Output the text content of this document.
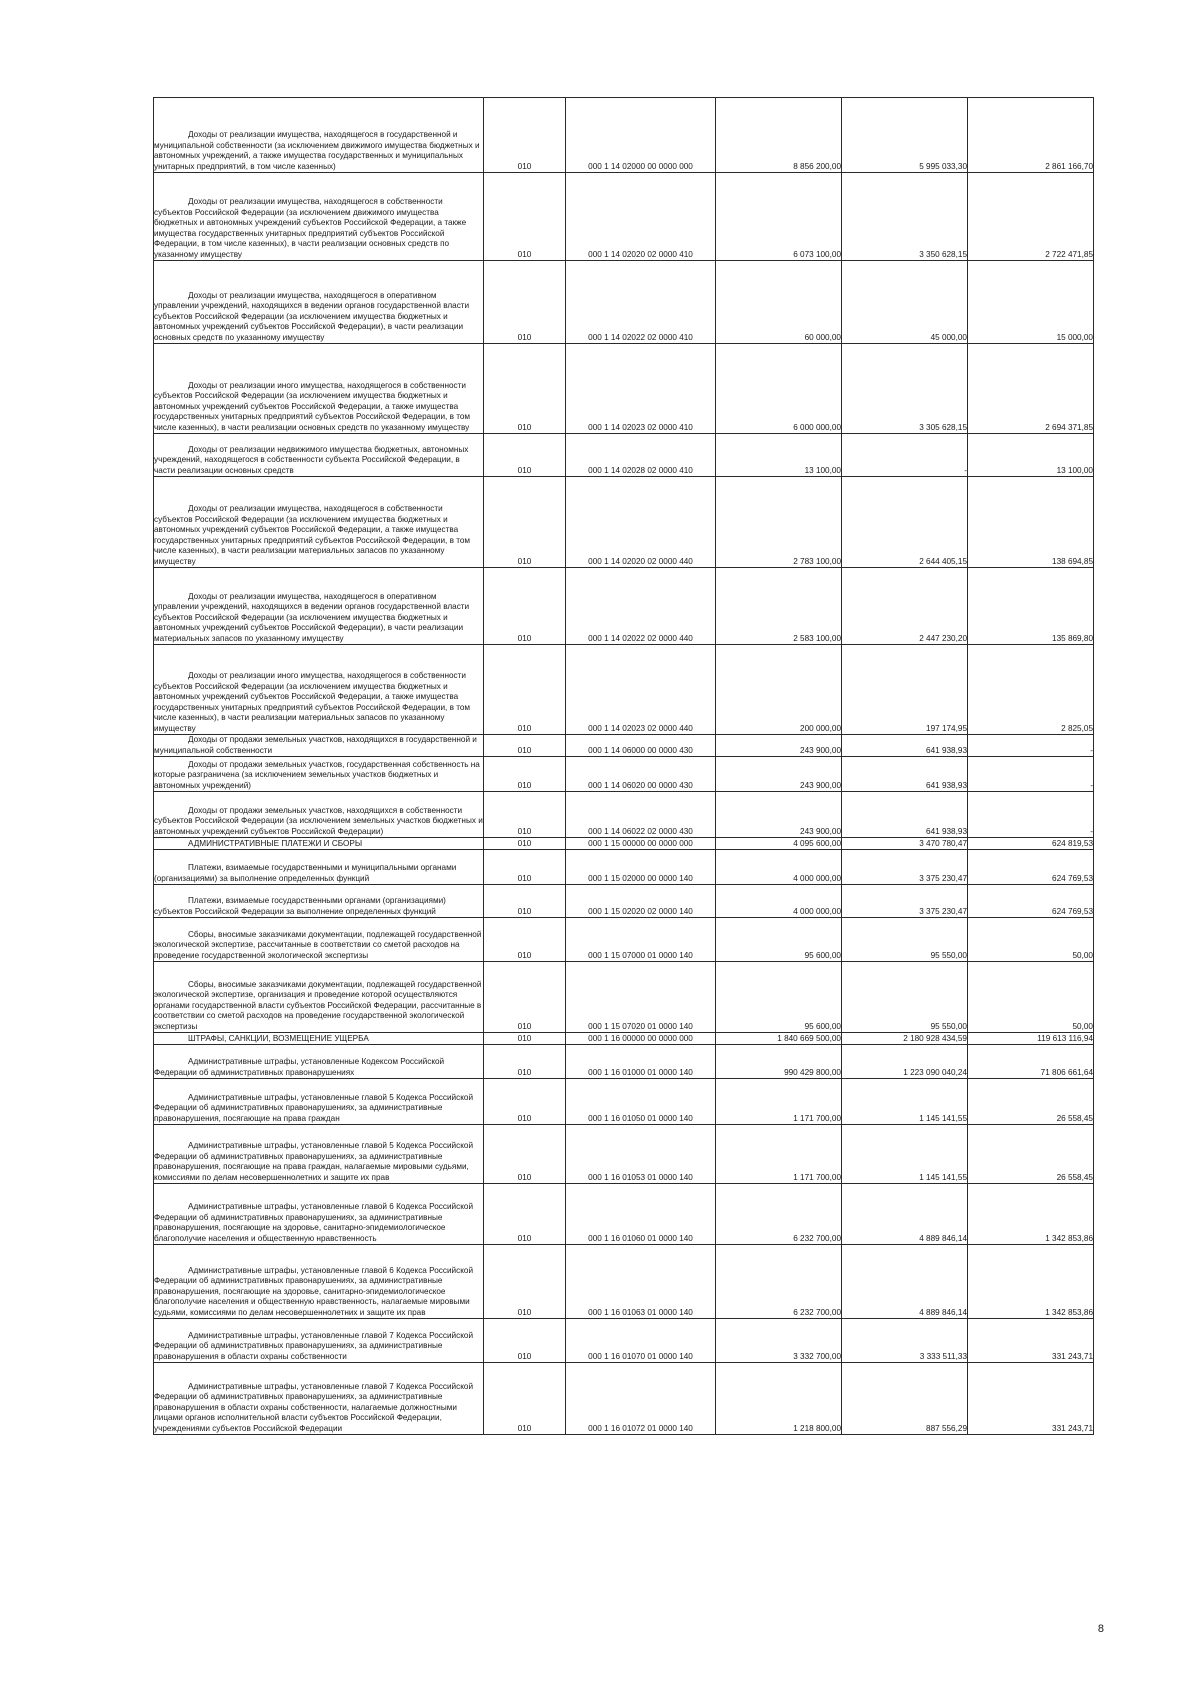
Доходы от реализации имущества, находящегося в государственной и муниципальной собственности (за исключением движимого имущества бюджетных и автономных учреждений, а также имущества государственных и муниципальных унитарных предприятий, в том числе казенных)	010	000 1 14 02000 00 0000 000	8 856 200,00	5 995 033,30	2 861 166,70

Доходы от реализации имущества, находящегося в собственности субъектов Российской Федерации (за исключением движимого имущества бюджетных и автономных учреждений субъектов Российской Федерации, а также имущества государственных унитарных предприятий субъектов Российской Федерации, в том числе казенных), в части реализации основных средств по указанному имуществу	010	000 1 14 02020 02 0000 410	6 073 100,00	3 350 628,15	2 722 471,85

Доходы от реализации имущества, находящегося в оперативном управлении учреждений, находящихся в ведении органов государственной власти субъектов Российской Федерации (за исключением имущества бюджетных и автономных учреждений субъектов Российской Федерации), в части реализации основных средств по указанному имуществу	010	000 1 14 02022 02 0000 410	60 000,00	45 000,00	15 000,00

Доходы от реализации иного имущества, находящегося в собственности субъектов Российской Федерации (за исключением имущества бюджетных и автономных учреждений субъектов Российской Федерации, а также имущества государственных унитарных предприятий субъектов Российской Федерации, в том числе казенных), в части реализации основных средств по указанному имуществу	010	000 1 14 02023 02 0000 410	6 000 000,00	3 305 628,15	2 694 371,85

Доходы от реализации недвижимого имущества бюджетных, автономных учреждений, находящегося в собственности субъекта Российской Федерации, в части реализации основных средств	010	000 1 14 02028 02 0000 410	13 100,00	-	13 100,00

Доходы от реализации имущества, находящегося в собственности субъектов Российской Федерации (за исключением имущества бюджетных и автономных учреждений субъектов Российской Федерации, а также имущества государственных унитарных предприятий субъектов Российской Федерации, в том числе казенных), в части реализации материальных запасов по указанному имуществу	010	000 1 14 02020 02 0000 440	2 783 100,00	2 644 405,15	138 694,85

Доходы от реализации имущества, находящегося в оперативном управлении учреждений, находящихся в ведении органов государственной власти субъектов Российской Федерации (за исключением имущества бюджетных и автономных учреждений субъектов Российской Федерации), в части реализации материальных запасов по указанному имуществу	010	000 1 14 02022 02 0000 440	2 583 100,00	2 447 230,20	135 869,80

Доходы от реализации иного имущества, находящегося в собственности субъектов Российской Федерации (за исключением имущества бюджетных и автономных учреждений субъектов Российской Федерации, а также имущества государственных унитарных предприятий субъектов Российской Федерации, в том числе казенных), в части реализации материальных запасов по указанному имуществу	010	000 1 14 02023 02 0000 440	200 000,00	197 174,95	2 825,05

Доходы от продажи земельных участков, находящихся в государственной и муниципальной собственности	010	000 1 14 06000 00 0000 430	243 900,00	641 938,93	-

Доходы от продажи земельных участков, государственная собственность на которые разграничена (за исключением земельных участков бюджетных и автономных учреждений)	010	000 1 14 06020 00 0000 430	243 900,00	641 938,93	-

Доходы от продажи земельных участков, находящихся в собственности субъектов Российской Федерации (за исключением земельных участков бюджетных и автономных учреждений субъектов Российской Федерации)	010	000 1 14 06022 02 0000 430	243 900,00	641 938,93	-

АДМИНИСТРАТИВНЫЕ ПЛАТЕЖИ И СБОРЫ	010	000 1 15 00000 00 0000 000	4 095 600,00	3 470 780,47	624 819,53

Платежи, взимаемые государственными и муниципальными органами (организациями) за выполнение определенных функций	010	000 1 15 02000 00 0000 140	4 000 000,00	3 375 230,47	624 769,53

Платежи, взимаемые государственными органами (организациями) субъектов Российской Федерации за выполнение определенных функций	010	000 1 15 02020 02 0000 140	4 000 000,00	3 375 230,47	624 769,53

Сборы, вносимые заказчиками документации, подлежащей государственной экологической экспертизе, рассчитанные в соответствии со сметой расходов на проведение государственной экологической экспертизы	010	000 1 15 07000 01 0000 140	95 600,00	95 550,00	50,00

Сборы, вносимые заказчиками документации, подлежащей государственной экологической экспертизе, организация и проведение которой осуществляются органами государственной власти субъектов Российской Федерации, рассчитанные в соответствии со сметой расходов на проведение государственной экологической экспертизы	010	000 1 15 07020 01 0000 140	95 600,00	95 550,00	50,00

ШТРАФЫ, САНКЦИИ, ВОЗМЕЩЕНИЕ УЩЕРБА	010	000 1 16 00000 00 0000 000	1 840 669 500,00	2 180 928 434,59	119 613 116,94

Административные штрафы, установленные Кодексом Российской Федерации об административных правонарушениях	010	000 1 16 01000 01 0000 140	990 429 800,00	1 223 090 040,24	71 806 661,64

Административные штрафы, установленные главой 5 Кодекса Российской Федерации об административных правонарушениях, за административные правонарушения, посягающие на права граждан	010	000 1 16 01050 01 0000 140	1 171 700,00	1 145 141,55	26 558,45

Административные штрафы, установленные главой 5 Кодекса Российской Федерации об административных правонарушениях, за административные правонарушения, посягающие на права граждан, налагаемые мировыми судьями, комиссиями по делам несовершеннолетних и защите их прав	010	000 1 16 01053 01 0000 140	1 171 700,00	1 145 141,55	26 558,45

Административные штрафы, установленные главой 6 Кодекса Российской Федерации об административных правонарушениях, за административные правонарушения, посягающие на здоровье, санитарно-эпидемиологическое благополучие населения и общественную нравственность	010	000 1 16 01060 01 0000 140	6 232 700,00	4 889 846,14	1 342 853,86

Административные штрафы, установленные главой 6 Кодекса Российской Федерации об административных правонарушениях, за административные правонарушения, посягающие на здоровье, санитарно-эпидемиологическое благополучие населения и общественную нравственность, налагаемые мировыми судьями, комиссиями по делам несовершеннолетних и защите их прав	010	000 1 16 01063 01 0000 140	6 232 700,00	4 889 846,14	1 342 853,86

Административные штрафы, установленные главой 7 Кодекса Российской Федерации об административных правонарушениях, за административные правонарушения в области охраны собственности	010	000 1 16 01070 01 0000 140	3 332 700,00	3 333 511,33	331 243,71

Административные штрафы, установленные главой 7 Кодекса Российской Федерации об административных правонарушениях, за административные правонарушения в области охраны собственности, налагаемые должностными лицами органов исполнительной власти субъектов Российской Федерации, учреждениями субъектов Российской Федерации	010	000 1 16 01072 01 0000 140	1 218 800,00	887 556,29	331 243,71
8
